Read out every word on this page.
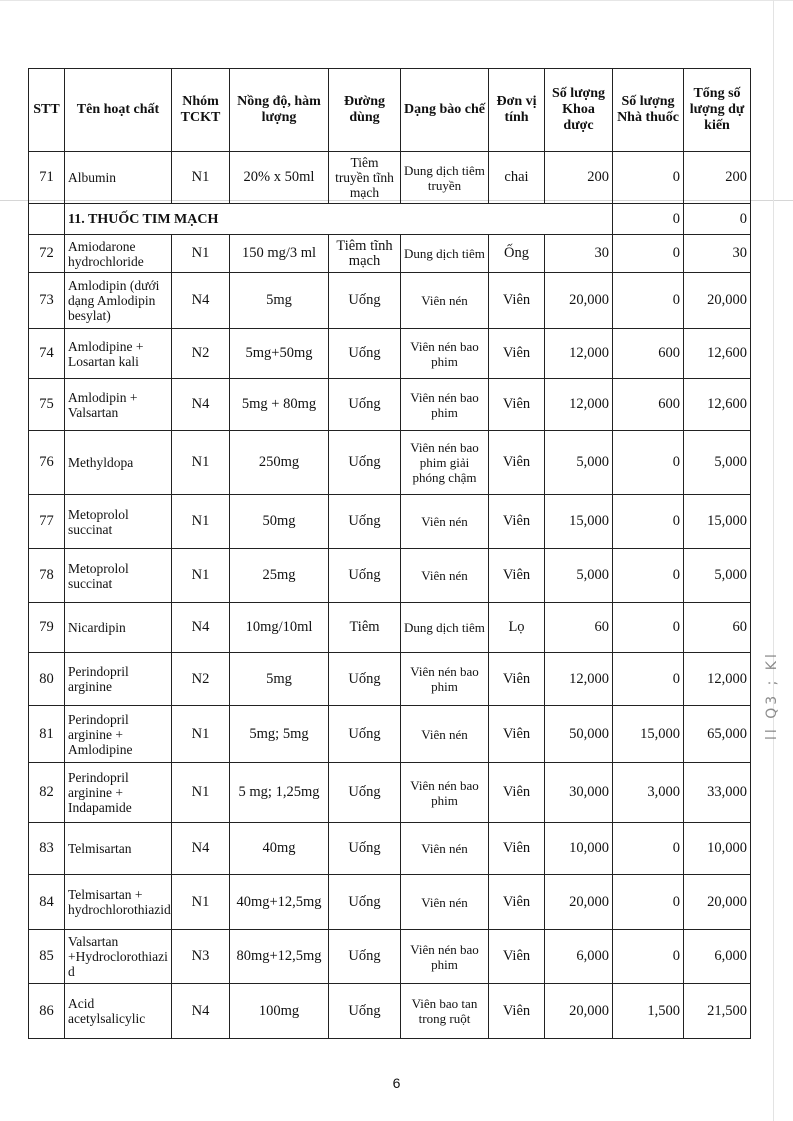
STT	Tên hoạt chất	Nhóm TCKT	Nồng độ, hàm lượng	Đường dùng	Dạng bào chế	Đơn vị tính	Số lượng Khoa dược	Số lượng Nhà thuốc	Tổng số lượng dự kiến
71	Albumin	N1	20% x 50ml	Tiêm truyền tĩnh mạch	Dung dịch tiêm truyền	chai	200	0	200
	11. THUỐC TIM MẠCH							0	0
72	Amiodarone hydrochloride	N1	150 mg/3 ml	Tiêm tĩnh mạch	Dung dịch tiêm	Ống	30	0	30
73	Amlodipin (dưới dạng Amlodipin besylat)	N4	5mg	Uống	Viên nén	Viên	20,000	0	20,000
74	Amlodipine + Losartan kali	N2	5mg+50mg	Uống	Viên nén bao phim	Viên	12,000	600	12,600
75	Amlodipin + Valsartan	N4	5mg + 80mg	Uống	Viên nén bao phim	Viên	12,000	600	12,600
76	Methyldopa	N1	250mg	Uống	Viên nén bao phim giải phóng chậm	Viên	5,000	0	5,000
77	Metoprolol succinat	N1	50mg	Uống	Viên nén	Viên	15,000	0	15,000
78	Metoprolol succinat	N1	25mg	Uống	Viên nén	Viên	5,000	0	5,000
79	Nicardipin	N4	10mg/10ml	Tiêm	Dung dịch tiêm	Lọ	60	0	60
80	Perindopril arginine	N2	5mg	Uống	Viên nén bao phim	Viên	12,000	0	12,000
81	Perindopril arginine + Amlodipine	N1	5mg; 5mg	Uống	Viên nén	Viên	50,000	15,000	65,000
82	Perindopril arginine + Indapamide	N1	5 mg; 1,25mg	Uống	Viên nén bao phim	Viên	30,000	3,000	33,000
83	Telmisartan	N4	40mg	Uống	Viên nén	Viên	10,000	0	10,000
84	Telmisartan + hydrochlorothiazid	N1	40mg+12,5mg	Uống	Viên nén	Viên	20,000	0	20,000
85	Valsartan +Hydroclorothiazi d	N3	80mg+12,5mg	Uống	Viên nén bao phim	Viên	6,000	0	6,000
86	Acid acetylsalicylic	N4	100mg	Uống	Viên bao tan trong ruột	Viên	20,000	1,500	21,500
6
ll Q3 ; Kl
